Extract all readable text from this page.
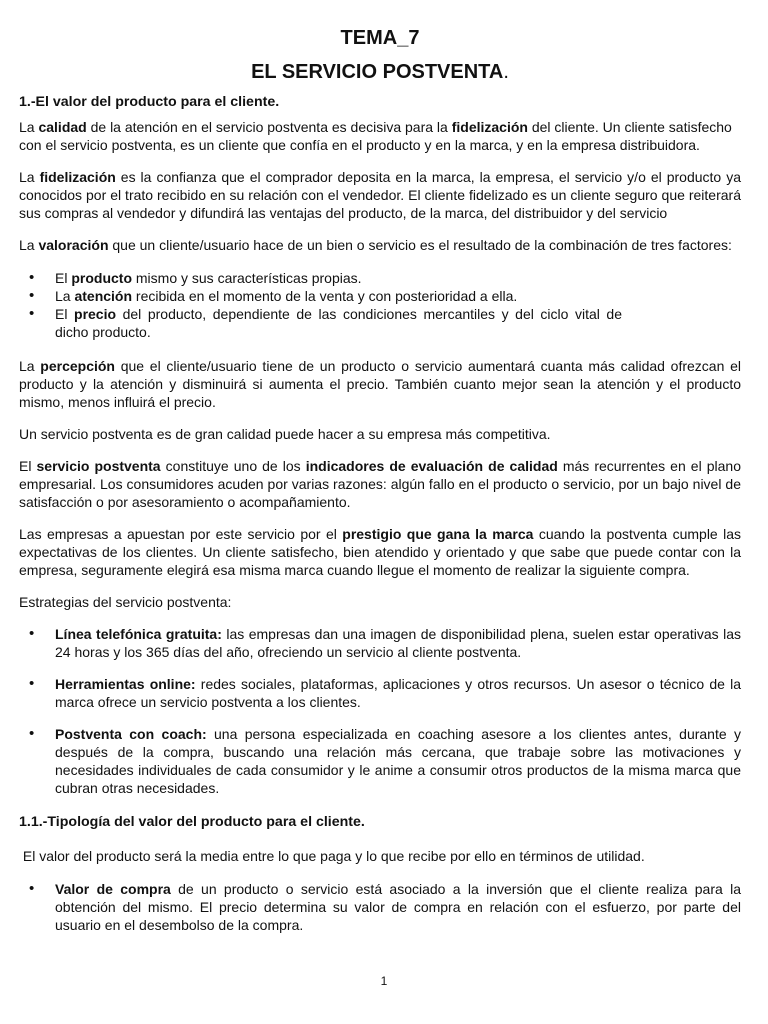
TEMA_7
EL SERVICIO POSTVENTA.
1.-El valor del producto para el cliente.

La calidad de la atención en el servicio postventa es decisiva para la fidelización del cliente. Un cliente satisfecho con el servicio postventa, es un cliente que confía en el producto y en la marca, y en la empresa distribuidora.

La fidelización es la confianza que el comprador deposita en la marca, la empresa, el servicio y/o el producto ya conocidos por el trato recibido en su relación con el vendedor. El cliente fidelizado es un cliente seguro que reiterará sus compras al vendedor y difundirá las ventajas del producto, de la marca, del distribuidor y del servicio

La valoración que un cliente/usuario hace de un bien o servicio es el resultado de la combinación de tres factores:

• El producto mismo y sus características propias.
• La atención recibida en el momento de la venta y con posterioridad a ella.
• El precio del producto, dependiente de las condiciones mercantiles y del ciclo vital de dicho producto.

La percepción que el cliente/usuario tiene de un producto o servicio aumentará cuanta más calidad ofrezcan el producto y la atención y disminuirá si aumenta el precio. También cuanto mejor sean la atención y el producto mismo, menos influirá el precio.

Un servicio postventa es de gran calidad puede hacer a su empresa más competitiva.

El servicio postventa constituye uno de los indicadores de evaluación de calidad más recurrentes en el plano empresarial. Los consumidores acuden por varias razones: algún fallo en el producto o servicio, por un bajo nivel de satisfacción o por asesoramiento o acompañamiento.

Las empresas a apuestan por este servicio por el prestigio que gana la marca cuando la postventa cumple las expectativas de los clientes. Un cliente satisfecho, bien atendido y orientado y que sabe que puede contar con la empresa, seguramente elegirá esa misma marca cuando llegue el momento de realizar la siguiente compra.

Estrategias del servicio postventa:

• Línea telefónica gratuita: las empresas dan una imagen de disponibilidad plena, suelen estar operativas las 24 horas y los 365 días del año, ofreciendo un servicio al cliente postventa.
• Herramientas online: redes sociales, plataformas, aplicaciones y otros recursos. Un asesor o técnico de la marca ofrece un servicio postventa a los clientes.
• Postventa con coach: una persona especializada en coaching asesore a los clientes antes, durante y después de la compra, buscando una relación más cercana, que trabaje sobre las motivaciones y necesidades individuales de cada consumidor y le anime a consumir otros productos de la misma marca que cubran otras necesidades.
1.1.-Tipología del valor del producto para el cliente.

El valor del producto será la media entre lo que paga y lo que recibe por ello en términos de utilidad.

• Valor de compra de un producto o servicio está asociado a la inversión que el cliente realiza para la obtención del mismo. El precio determina su valor de compra en relación con el esfuerzo, por parte del usuario en el desembolso de la compra.
1
